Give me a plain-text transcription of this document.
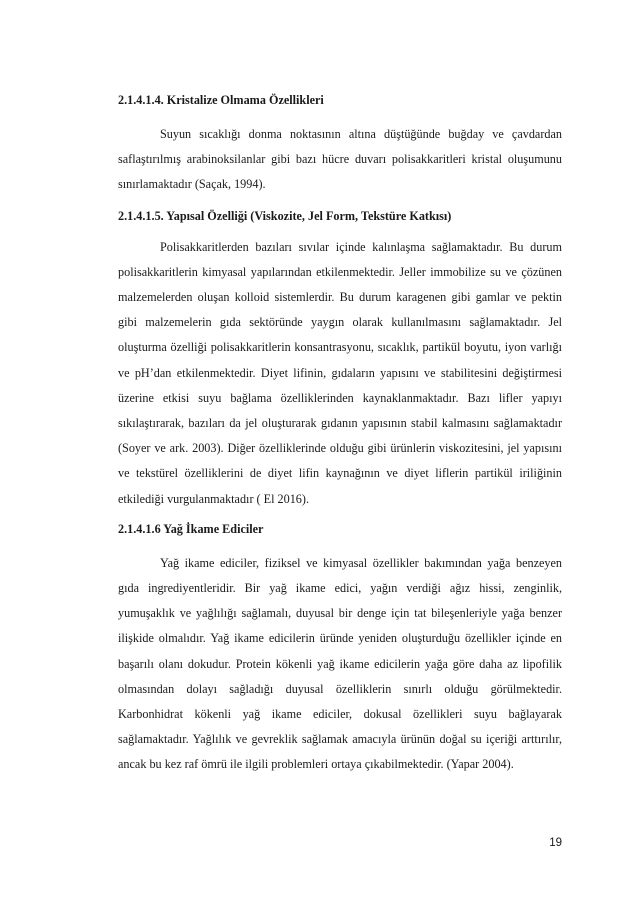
2.1.4.1.4. Kristalize Olmama Özellikleri

Suyun sıcaklığı donma noktasının altına düştüğünde buğday ve çavdardan saflaştırılmış arabinoksilanlar gibi bazı hücre duvarı polisakkaritleri kristal oluşumunu sınırlamaktadır (Saçak, 1994).

2.1.4.1.5. Yapısal Özelliği (Viskozite, Jel Form, Tekstüre Katkısı)

Polisakkaritlerden bazıları sıvılar içinde kalınlaşma sağlamaktadır. Bu durum polisakkaritlerin kimyasal yapılarından etkilenmektedir. Jeller immobilize su ve çözünen malzemelerden oluşan kolloid sistemlerdir. Bu durum karagenen gibi gamlar ve pektin gibi malzemelerin gıda sektöründe yaygın olarak kullanılmasını sağlamaktadır. Jel oluşturma özelliği polisakkaritlerin konsantrasyonu, sıcaklık, partikül boyutu, iyon varlığı ve pH’dan etkilenmektedir. Diyet lifinin, gıdaların yapısını ve stabilitesini değiştirmesi üzerine etkisi suyu bağlama özelliklerinden kaynaklanmaktadır. Bazı lifler yapıyı sıkılaştırarak, bazıları da jel oluşturarak gıdanın yapısının stabil kalmasını sağlamaktadır (Soyer ve ark. 2003). Diğer özelliklerinde olduğu gibi ürünlerin viskozitesini, jel yapısını ve tekstürel özelliklerini de diyet lifin kaynağının ve diyet liflerin partikül iriliğinin etkilediği vurgulanmaktadır ( El 2016).

2.1.4.1.6 Yağ İkame Ediciler

Yağ ikame ediciler, fiziksel ve kimyasal özellikler bakımından yağa benzeyen gıda ingrediyentleridir. Bir yağ ikame edici, yağın verdiği ağız hissi, zenginlik, yumuşaklık ve yağlılığı sağlamalı, duyusal bir denge için tat bileşenleriyle yağa benzer ilişkide olmalıdır. Yağ ikame edicilerin üründe yeniden oluşturduğu özellikler içinde en başarılı olanı dokudur. Protein kökenli yağ ikame edicilerin yağa göre daha az lipofilik olmasından dolayı sağladığı duyusal özelliklerin sınırlı olduğu görülmektedir. Karbonhidrat kökenli yağ ikame ediciler, dokusal özellikleri suyu bağlayarak sağlamaktadır. Yağlılık ve gevreklik sağlamak amacıyla ürünün doğal su içeriği arttırılır, ancak bu kez raf ömrü ile ilgili problemleri ortaya çıkabilmektedir. (Yapar 2004).

19
